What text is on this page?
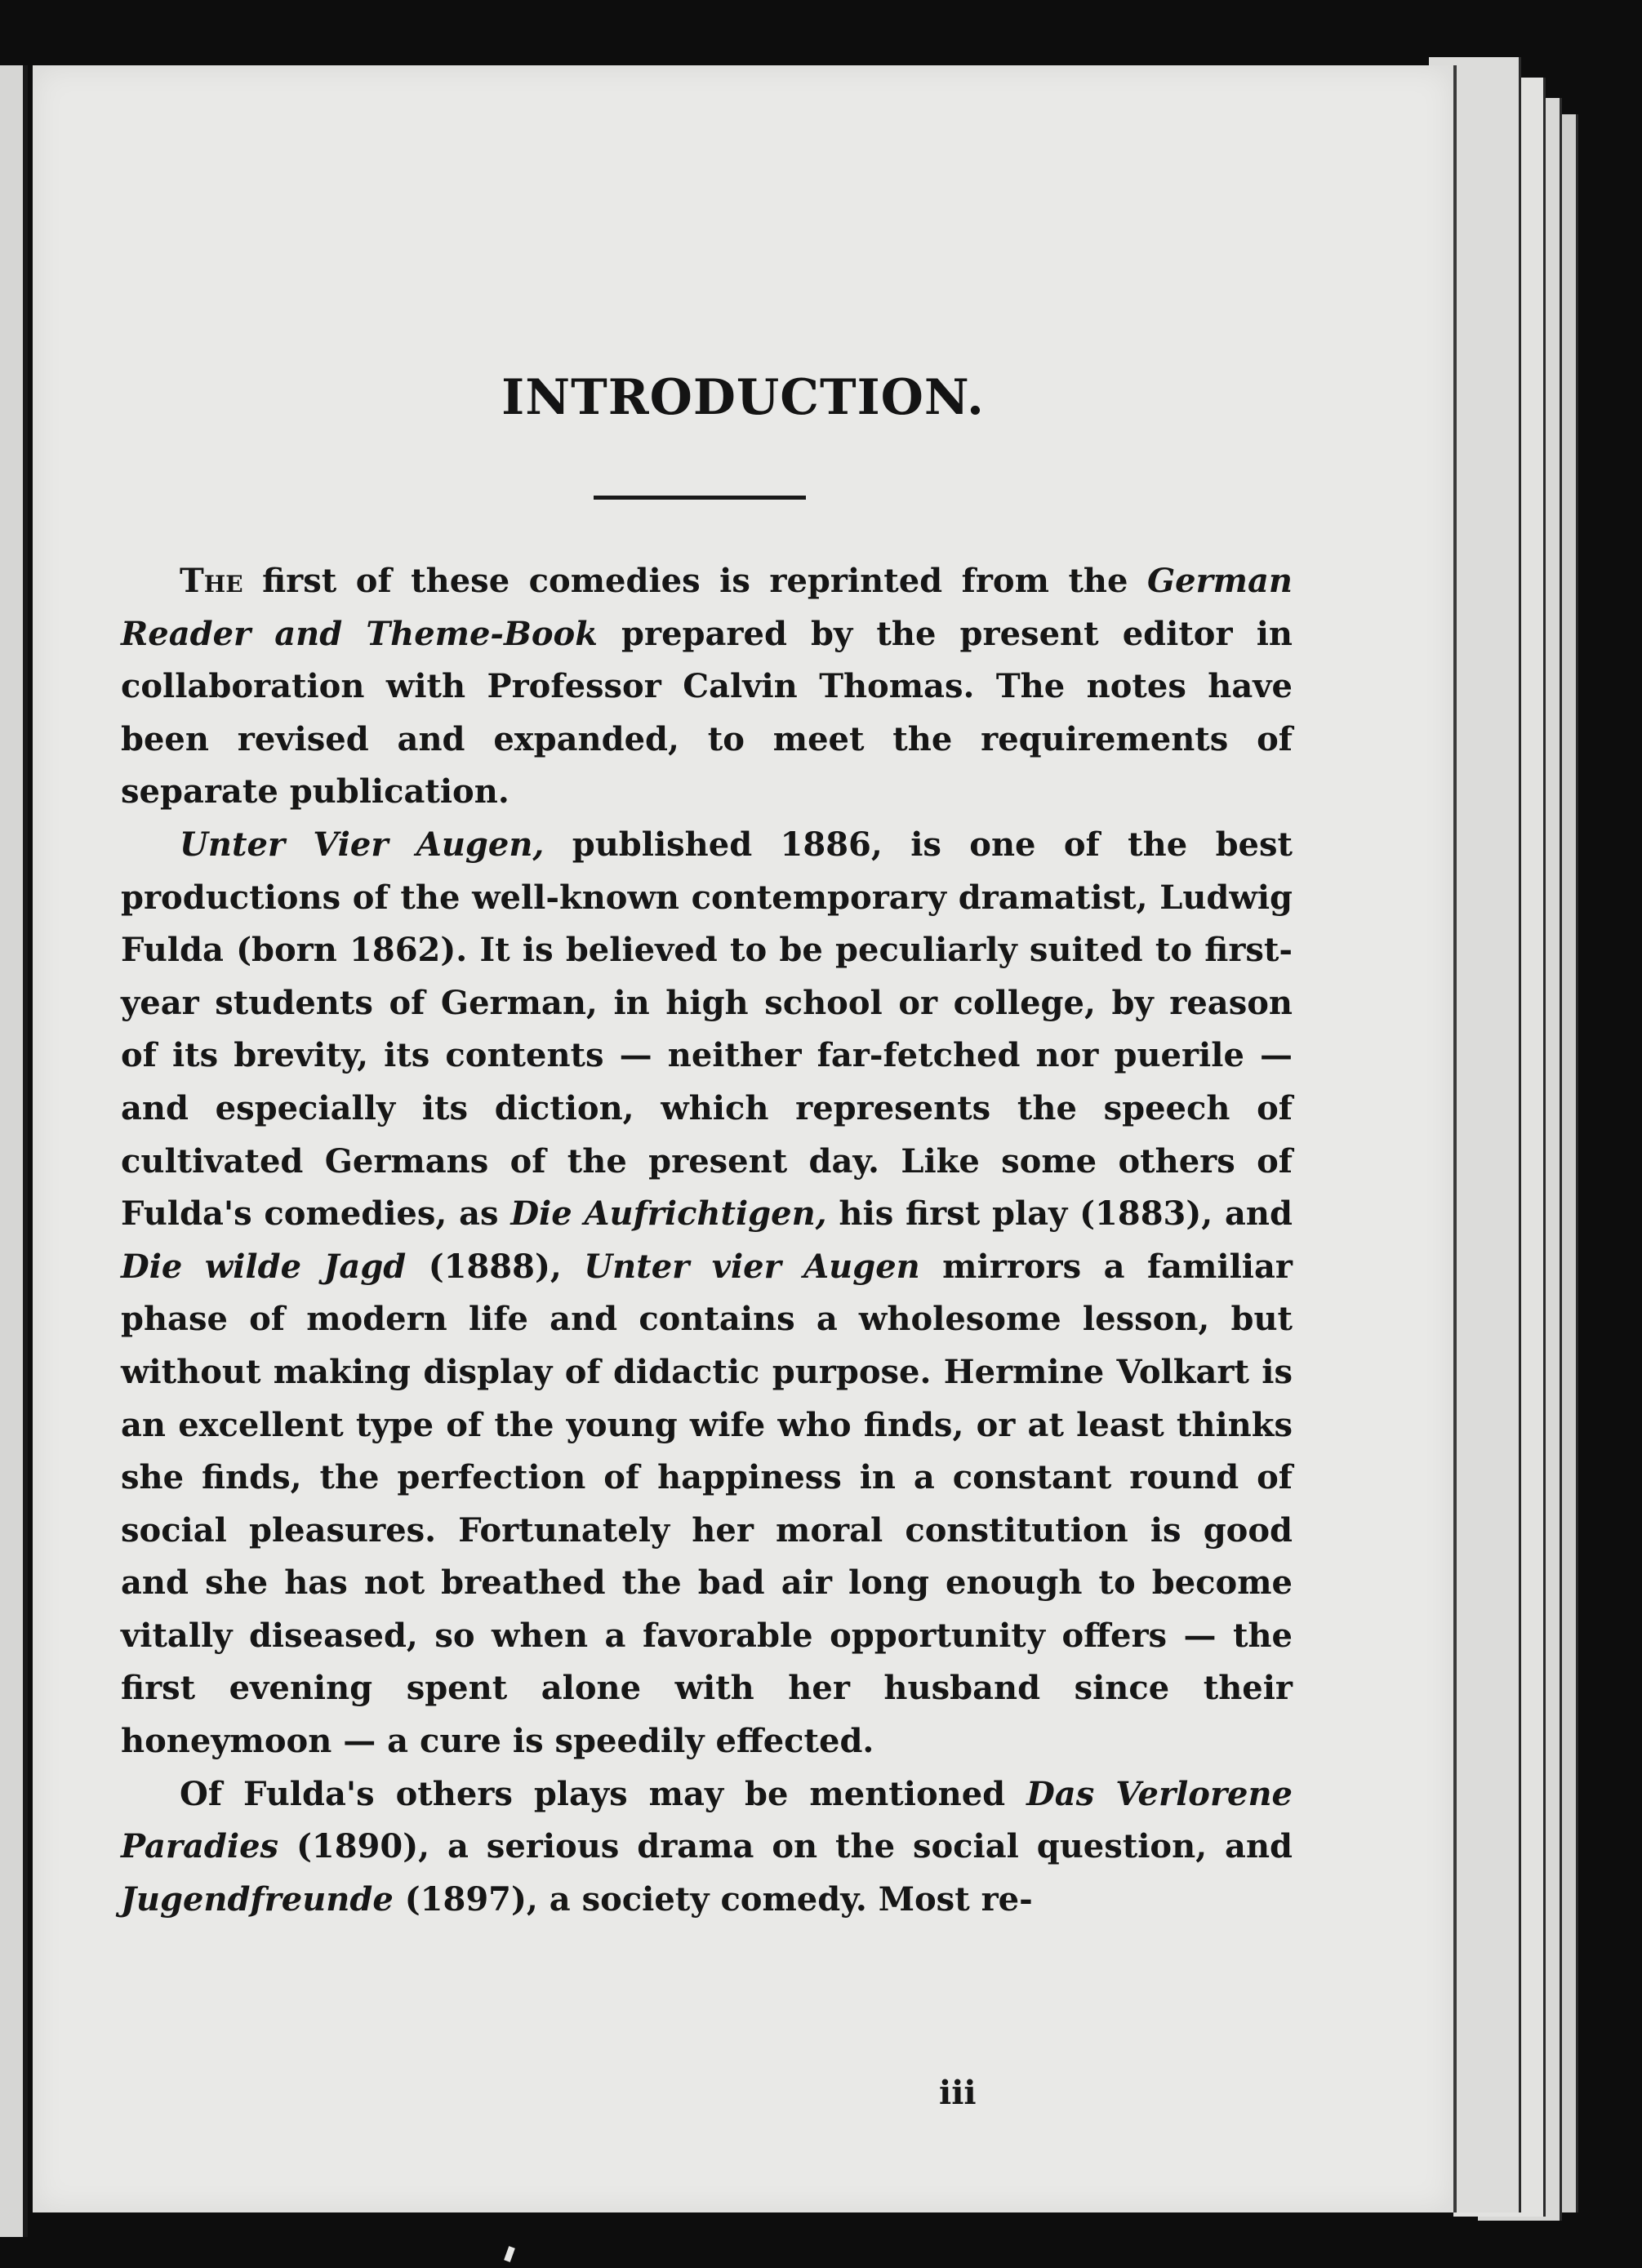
INTRODUCTION.

The first of these comedies is reprinted from the German Reader and Theme-Book prepared by the present editor in collaboration with Professor Calvin Thomas. The notes have been revised and expanded, to meet the requirements of separate publication.

Unter Vier Augen, published 1886, is one of the best productions of the well-known contemporary dramatist, Ludwig Fulda (born 1862). It is believed to be peculiarly suited to first-year students of German, in high school or college, by reason of its brevity, its contents — neither far-fetched nor puerile — and especially its diction, which represents the speech of cultivated Germans of the present day. Like some others of Fulda's comedies, as Die Aufrichtigen, his first play (1883), and Die wilde Jagd (1888), Unter vier Augen mirrors a familiar phase of modern life and contains a wholesome lesson, but without making display of didactic purpose. Hermine Volkart is an excellent type of the young wife who finds, or at least thinks she finds, the perfection of happiness in a constant round of social pleasures. Fortunately her moral constitution is good and she has not breathed the bad air long enough to become vitally diseased, so when a favorable opportunity offers — the first evening spent alone with her husband since their honeymoon — a cure is speedily effected.

Of Fulda's others plays may be mentioned Das Verlorene Paradies (1890), a serious drama on the social question, and Jugendfreunde (1897), a society comedy. Most re-

iii
